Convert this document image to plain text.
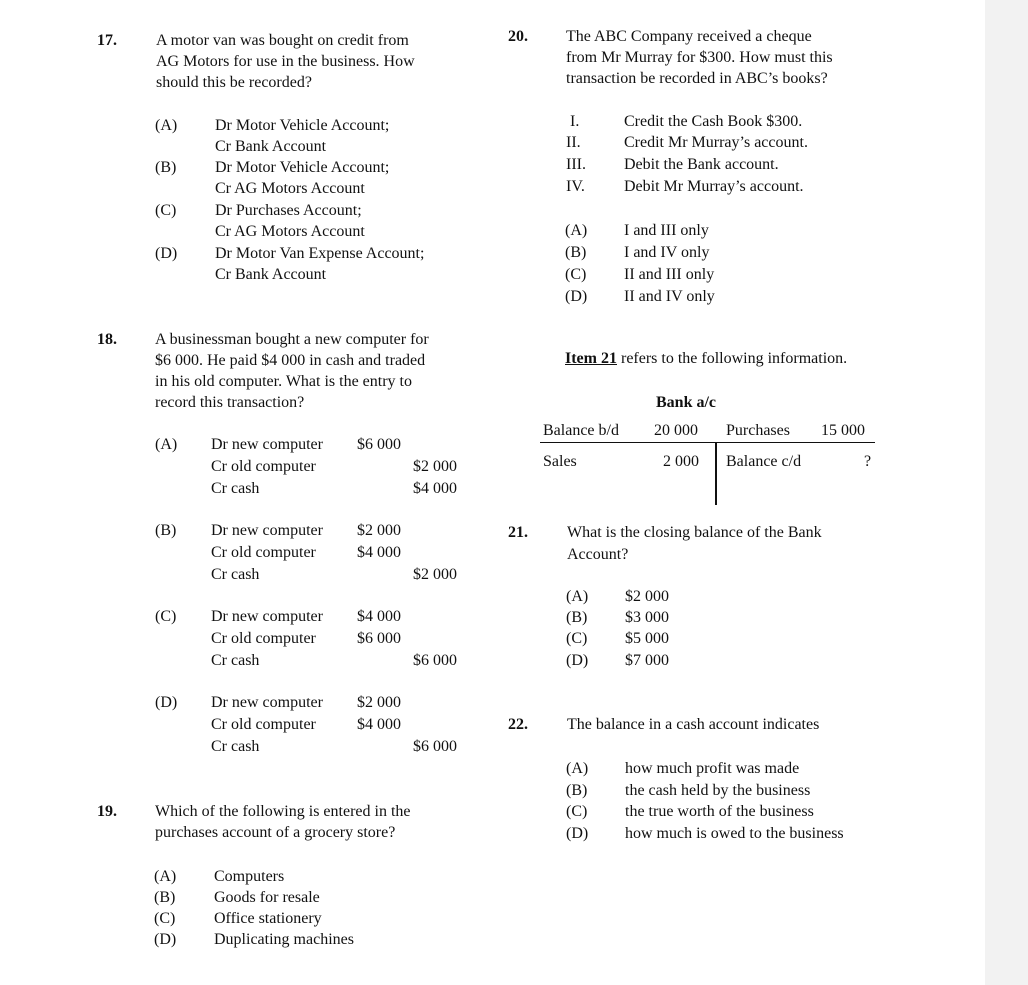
17. A motor van was bought on credit from
AG Motors for use in the business. How
should this be recorded?
(A) Dr Motor Vehicle Account;
Cr Bank Account
(B) Dr Motor Vehicle Account;
Cr AG Motors Account
(C) Dr Purchases Account;
Cr AG Motors Account
(D) Dr Motor Van Expense Account;
Cr Bank Account
18. A businessman bought a new computer for
$6 000. He paid $4 000 in cash and traded
in his old computer. What is the entry to
record this transaction?
(A) Dr new computer $6 000
Cr old computer	$2 000
Cr cash	$4 000
(B) Dr new computer $2 000
Cr old computer	$4 000
Cr cash	$2 000
(C) Dr new computer $4 000
Cr old computer	$6 000
Cr cash	$6 000
(D) Dr new computer $2 000
Cr old computer	$4 000
Cr cash	$6 000
19. Which of the following is entered in the
purchases account of a grocery store?
(A) Computers
(B) Goods for resale
(C) Office stationery
(D) Duplicating machines
20. The ABC Company received a cheque
from Mr Murray for $300. How must this
transaction be recorded in ABC’s books?
I.	Credit the Cash Book $300.
II.	Credit Mr Murray’s account.
III. Debit the Bank account.
IV. Debit Mr Murray’s account.
(A) I and III only
(B) I and IV only
(C) II and III only
(D) II and IV only
Item 21 refers to the following information.
Bank a/c
Balance b/d 20 000 Purchases 15 000
Sales	2 000 Balance c/d	?
21. What is the closing balance of the Bank
Account?
(A) $2 000
(B) $3 000
(C) $5 000
(D) $7 000
22. The balance in a cash account indicates
(A) how much profit was made
(B) the cash held by the business
(C) the true worth of the business
(D) how much is owed to the business
